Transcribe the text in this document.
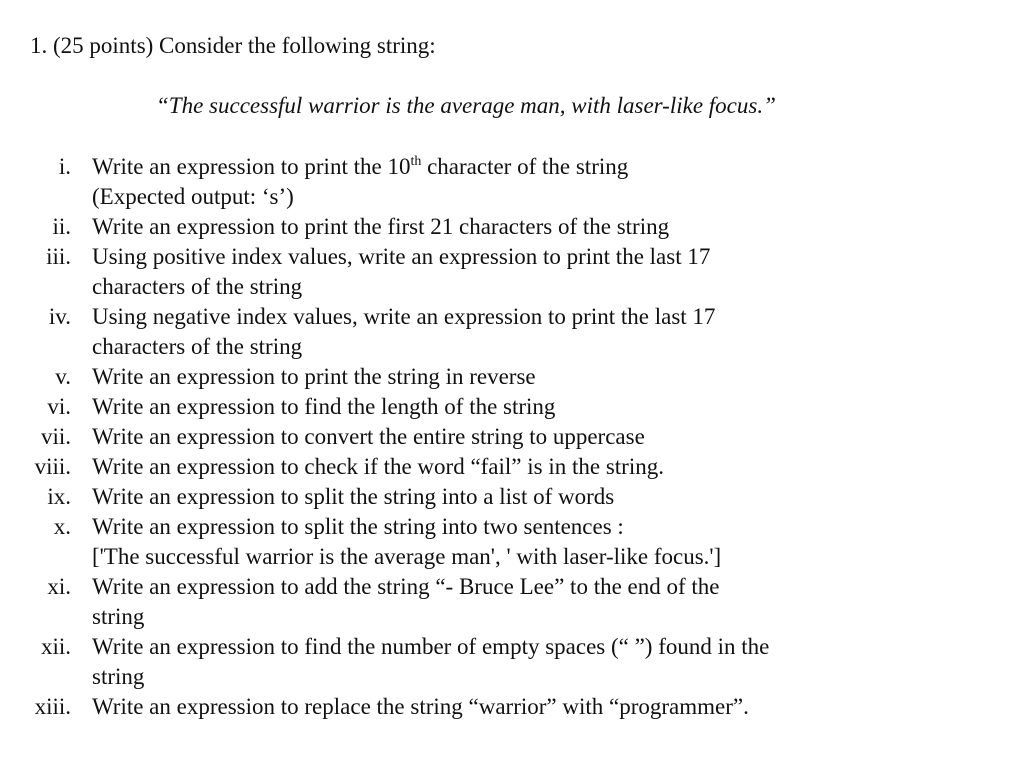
1. (25 points) Consider the following string:
“The successful warrior is the average man, with laser-like focus.”
i. Write an expression to print the 10th character of the string
(Expected output: ‘s’)
ii. Write an expression to print the first 21 characters of the string
iii. Using positive index values, write an expression to print the last 17
characters of the string
iv. Using negative index values, write an expression to print the last 17
characters of the string
v. Write an expression to print the string in reverse
vi. Write an expression to find the length of the string
vii. Write an expression to convert the entire string to uppercase
viii. Write an expression to check if the word “fail” is in the string.
ix. Write an expression to split the string into a list of words
x. Write an expression to split the string into two sentences :
['The successful warrior is the average man', ' with laser-like focus.']
xi. Write an expression to add the string “- Bruce Lee” to the end of the
string
xii. Write an expression to find the number of empty spaces (“ ”) found in the
string
xiii. Write an expression to replace the string “warrior” with “programmer”.
